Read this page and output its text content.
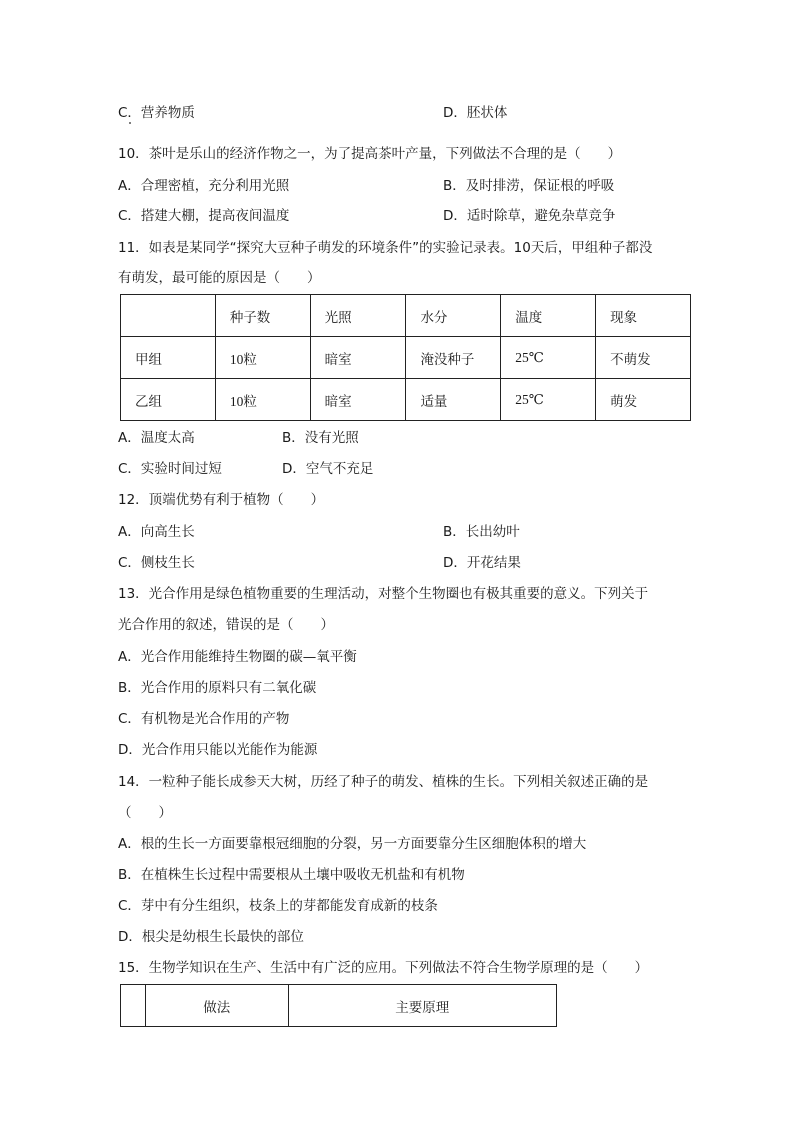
C．营养物质	D．胚状体
10．茶叶是乐山的经济作物之一，为了提高茶叶产量，下列做法不合理的是（　　）
A．合理密植，充分利用光照	B．及时排涝，保证根的呼吸
C．搭建大棚，提高夜间温度	D．适时除草，避免杂草竞争
11．如表是某同学“探究大豆种子萌发的环境条件”的实验记录表。10天后，甲组种子都没
有萌发，最可能的原因是（　　）
	种子数	光照	水分	温度	现象
甲组	10粒	暗室	淹没种子	25℃	不萌发
乙组	10粒	暗室	适量	25℃	萌发
A．温度太高	B．没有光照
C．实验时间过短	D．空气不充足
12．顶端优势有利于植物（　　）
A．向高生长	B．长出幼叶
C．侧枝生长	D．开花结果
13．光合作用是绿色植物重要的生理活动，对整个生物圈也有极其重要的意义。下列关于
光合作用的叙述，错误的是（　　）
A．光合作用能维持生物圈的碳—氧平衡
B．光合作用的原料只有二氧化碳
C．有机物是光合作用的产物
D．光合作用只能以光能作为能源
14．一粒种子能长成参天大树，历经了种子的萌发、植株的生长。下列相关叙述正确的是
（　　）
A．根的生长一方面要靠根冠细胞的分裂，另一方面要靠分生区细胞体积的增大
B．在植株生长过程中需要根从土壤中吸收无机盐和有机物
C．芽中有分生组织，枝条上的芽都能发育成新的枝条
D．根尖是幼根生长最快的部位
15．生物学知识在生产、生活中有广泛的应用。下列做法不符合生物学原理的是（　　）
	做法	主要原理
